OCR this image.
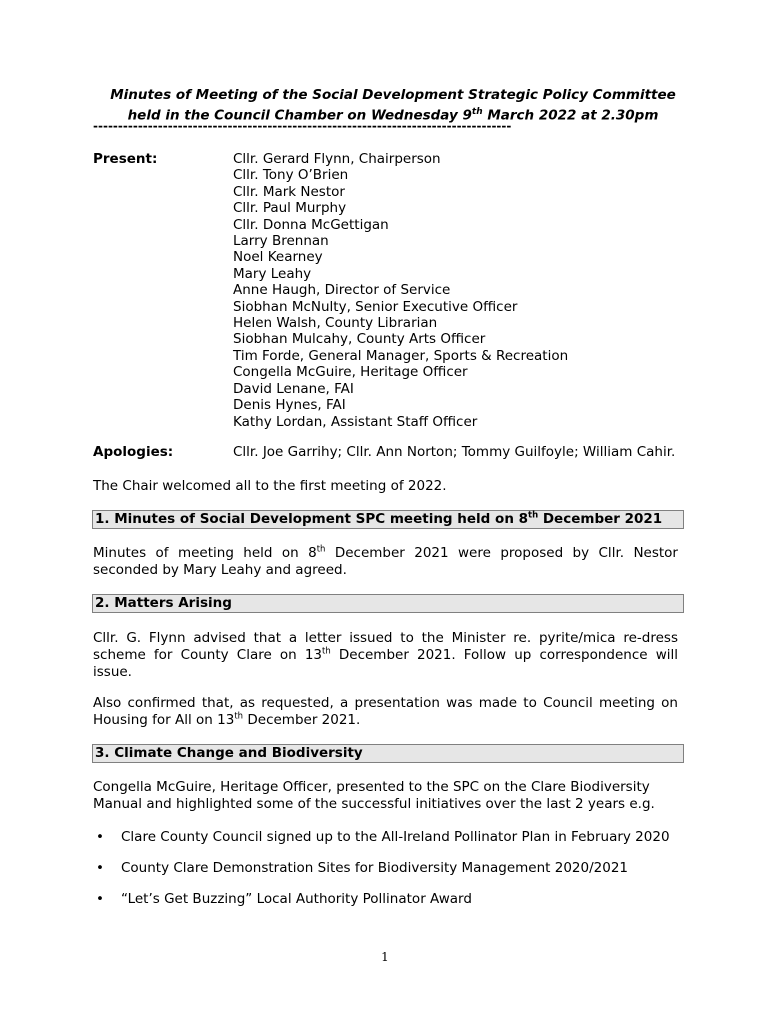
Minutes of Meeting of the Social Development Strategic Policy Committee
held in the Council Chamber on Wednesday 9th March 2022 at 2.30pm
------------------------------------------------------------------------------------
Present:	Cllr. Gerard Flynn, Chairperson
Cllr. Tony O’Brien
Cllr. Mark Nestor
Cllr. Paul Murphy
Cllr. Donna McGettigan
Larry Brennan
Noel Kearney
Mary Leahy
Anne Haugh, Director of Service
Siobhan McNulty, Senior Executive Officer
Helen Walsh, County Librarian
Siobhan Mulcahy, County Arts Officer
Tim Forde, General Manager, Sports & Recreation
Congella McGuire, Heritage Officer
David Lenane, FAI
Denis Hynes, FAI
Kathy Lordan, Assistant Staff Officer
Apologies:	Cllr. Joe Garrihy; Cllr. Ann Norton; Tommy Guilfoyle; William Cahir.
The Chair welcomed all to the first meeting of 2022.
1. Minutes of Social Development SPC meeting held on 8th December 2021
Minutes of meeting held on 8th December 2021 were proposed by Cllr. Nestor seconded by Mary Leahy and agreed.
2. Matters Arising
Cllr. G. Flynn advised that a letter issued to the Minister re. pyrite/mica re-dress scheme for County Clare on 13th December 2021. Follow up correspondence will issue.
Also confirmed that, as requested, a presentation was made to Council meeting on Housing for All on 13th December 2021.
3. Climate Change and Biodiversity
Congella McGuire, Heritage Officer, presented to the SPC on the Clare Biodiversity Manual and highlighted some of the successful initiatives over the last 2 years e.g.
• Clare County Council signed up to the All-Ireland Pollinator Plan in February 2020
• County Clare Demonstration Sites for Biodiversity Management 2020/2021
• “Let’s Get Buzzing” Local Authority Pollinator Award
1
